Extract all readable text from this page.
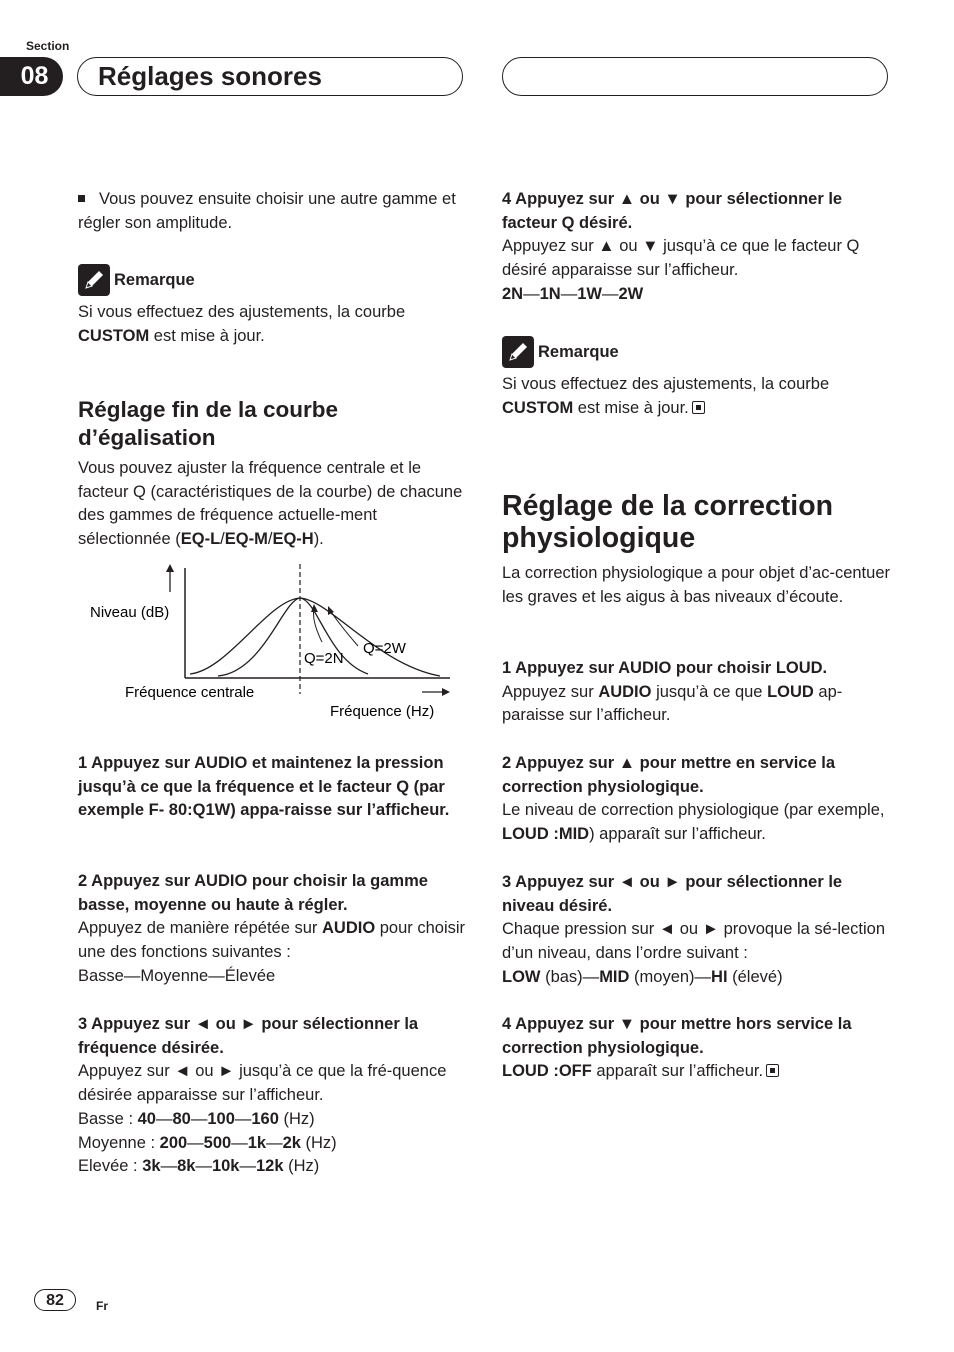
Section
08	Réglages sonores

Vous pouvez ensuite choisir une autre gamme et régler son amplitude.

Remarque
Si vous effectuez des ajustements, la courbe CUSTOM est mise à jour.
Réglage fin de la courbe d’égalisation
Vous pouvez ajuster la fréquence centrale et le facteur Q (caractéristiques de la courbe) de chacune des gammes de fréquence actuelle-ment sélectionnée (EQ-L/EQ-M/EQ-H).
Niveau (dB)
Q=2N
Q=2W
Fréquence centrale
Fréquence (Hz)
1 Appuyez sur AUDIO et maintenez la pression jusqu’à ce que la fréquence et le facteur Q (par exemple F- 80:Q1W) appa-raisse sur l’afficheur.

2 Appuyez sur AUDIO pour choisir la gamme basse, moyenne ou haute à régler.

Appuyez de manière répétée sur AUDIO pour choisir une des fonctions suivantes :

Basse—Moyenne—Élevée

3 Appuyez sur ◄ ou ► pour sélectionner la fréquence désirée.

Appuyez sur ◄ ou ► jusqu’à ce que la fré-quence désirée apparaisse sur l’afficheur.

Basse : 40—80—100—160 (Hz)

Moyenne : 200—500—1k—2k (Hz)

Elevée : 3k—8k—10k—12k (Hz)

4 Appuyez sur ▲ ou ▼ pour sélectionner le facteur Q désiré.

Appuyez sur ▲ ou ▼ jusqu’à ce que le facteur Q désiré apparaisse sur l’afficheur.

2N—1N—1W—2W

Remarque
Si vous effectuez des ajustements, la courbe CUSTOM est mise à jour.
Réglage de la correction physiologique
La correction physiologique a pour objet d’ac-centuer les graves et les aigus à bas niveaux d’écoute.

1 Appuyez sur AUDIO pour choisir LOUD.

Appuyez sur AUDIO jusqu’à ce que LOUD ap-paraisse sur l’afficheur.

2 Appuyez sur ▲ pour mettre en service la correction physiologique.

Le niveau de correction physiologique (par exemple, LOUD :MID) apparaît sur l’afficheur.

3 Appuyez sur ◄ ou ► pour sélectionner le niveau désiré.

Chaque pression sur ◄ ou ► provoque la sé-lection d’un niveau, dans l’ordre suivant :

LOW (bas)—MID (moyen)—HI (élevé)

4 Appuyez sur ▼ pour mettre hors service la correction physiologique.

LOUD :OFF apparaît sur l’afficheur.

82	Fr
